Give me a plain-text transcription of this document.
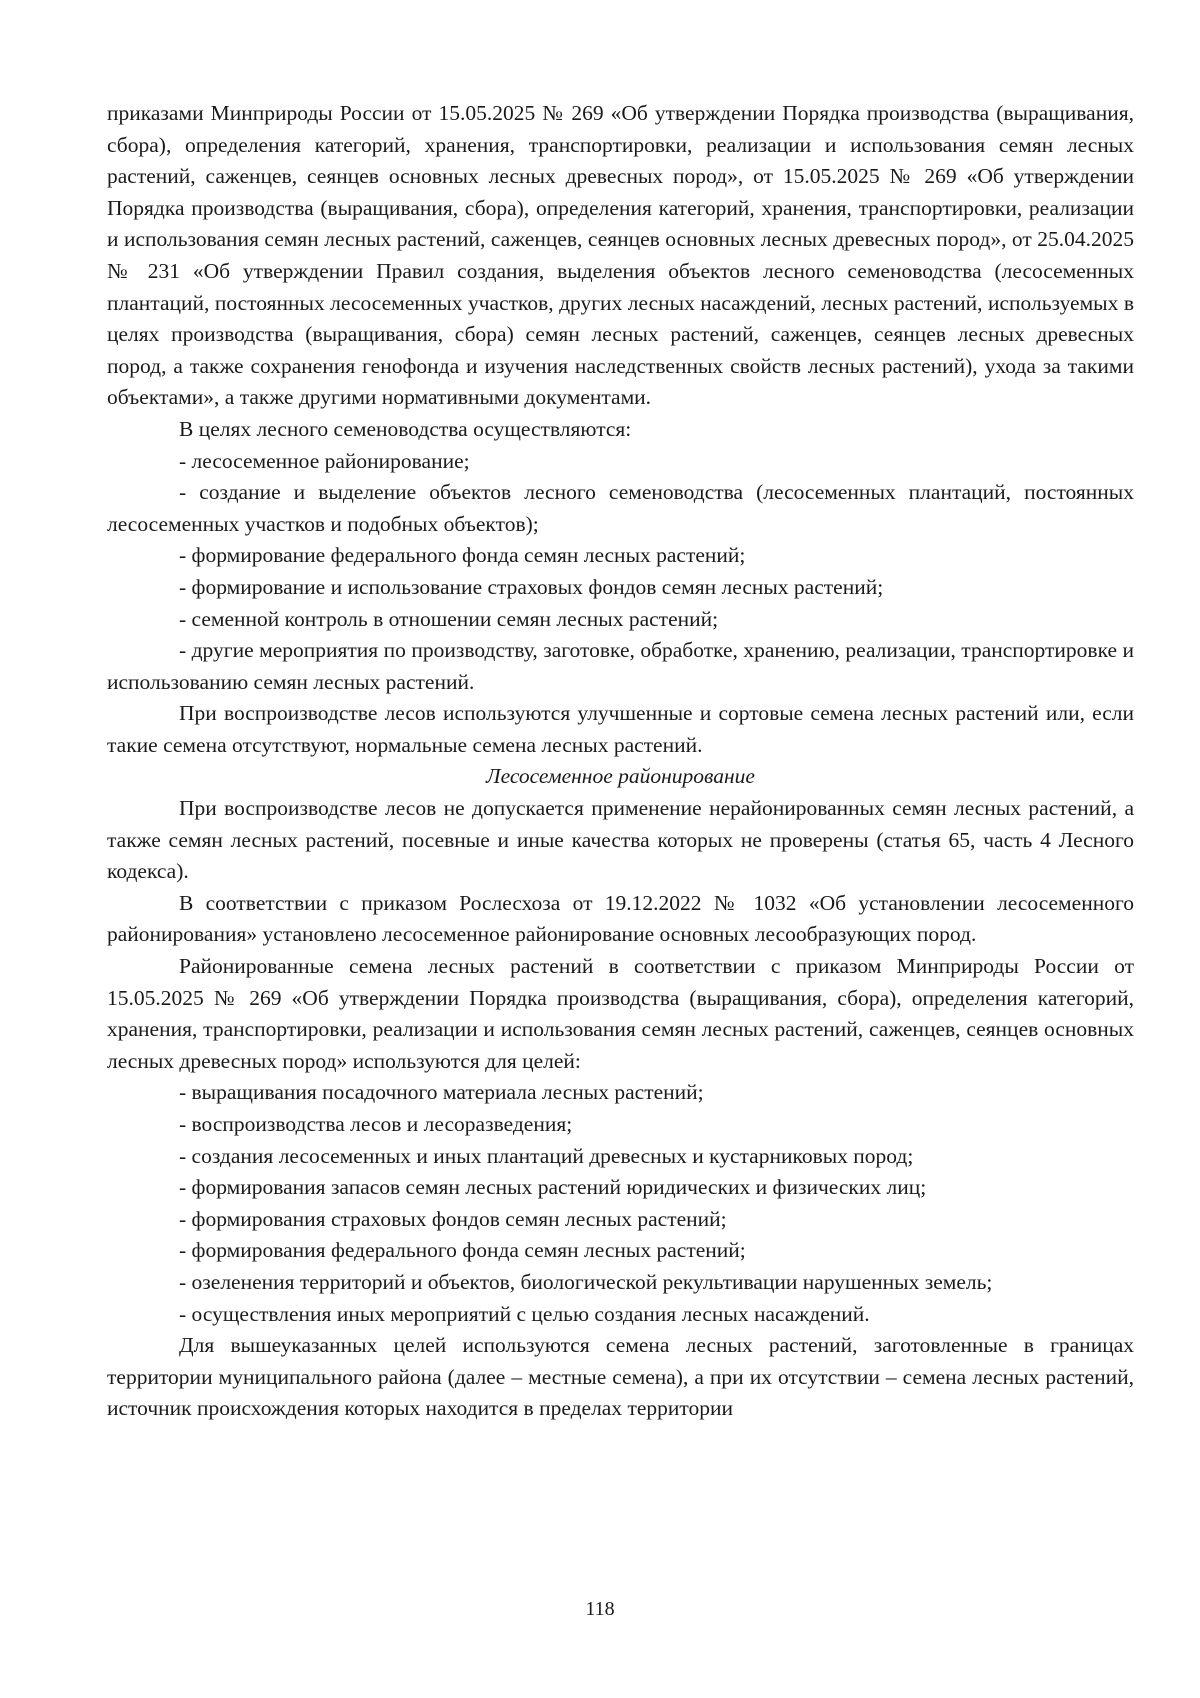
приказами Минприроды России от 15.05.2025 № 269 «Об утверждении Порядка производства (выращивания, сбора), определения категорий, хранения, транспортировки, реализации и использования семян лесных растений, саженцев, сеянцев основных лесных древесных пород», от 15.05.2025 № 269 «Об утверждении Порядка производства (выращивания, сбора), определения категорий, хранения, транспортировки, реализации и использования семян лесных растений, саженцев, сеянцев основных лесных древесных пород», от 25.04.2025 № 231 «Об утверждении Правил создания, выделения объектов лесного семеноводства (лесосеменных плантаций, постоянных лесосеменных участков, других лесных насаждений, лесных растений, используемых в целях производства (выращивания, сбора) семян лесных растений, саженцев, сеянцев лесных древесных пород, а также сохранения генофонда и изучения наследственных свойств лесных растений), ухода за такими объектами», а также другими нормативными документами.

В целях лесного семеноводства осуществляются:

- лесосеменное районирование;
- создание и выделение объектов лесного семеноводства (лесосеменных плантаций, постоянных лесосеменных участков и подобных объектов);
- формирование федерального фонда семян лесных растений;
- формирование и использование страховых фондов семян лесных растений;
- семенной контроль в отношении семян лесных растений;
- другие мероприятия по производству, заготовке, обработке, хранению, реализации, транспортировке и использованию семян лесных растений.

При воспроизводстве лесов используются улучшенные и сортовые семена лесных растений или, если такие семена отсутствуют, нормальные семена лесных растений.

Лесосеменное районирование

При воспроизводстве лесов не допускается применение нерайонированных семян лесных растений, а также семян лесных растений, посевные и иные качества которых не проверены (статья 65, часть 4 Лесного кодекса).

В соответствии с приказом Рослесхоза от 19.12.2022 № 1032 «Об установлении лесосеменного районирования» установлено лесосеменное районирование основных лесообразующих пород.

Районированные семена лесных растений в соответствии с приказом Минприроды России от 15.05.2025 № 269 «Об утверждении Порядка производства (выращивания, сбора), определения категорий, хранения, транспортировки, реализации и использования семян лесных растений, саженцев, сеянцев основных лесных древесных пород» используются для целей:

- выращивания посадочного материала лесных растений;
- воспроизводства лесов и лесоразведения;
- создания лесосеменных и иных плантаций древесных и кустарниковых пород;
- формирования запасов семян лесных растений юридических и физических лиц;
- формирования страховых фондов семян лесных растений;
- формирования федерального фонда семян лесных растений;
- озеленения территорий и объектов, биологической рекультивации нарушенных земель;
- осуществления иных мероприятий с целью создания лесных насаждений.

Для вышеуказанных целей используются семена лесных растений, заготовленные в границах территории муниципального района (далее – местные семена), а при их отсутствии – семена лесных растений, источник происхождения которых находится в пределах территории

118
